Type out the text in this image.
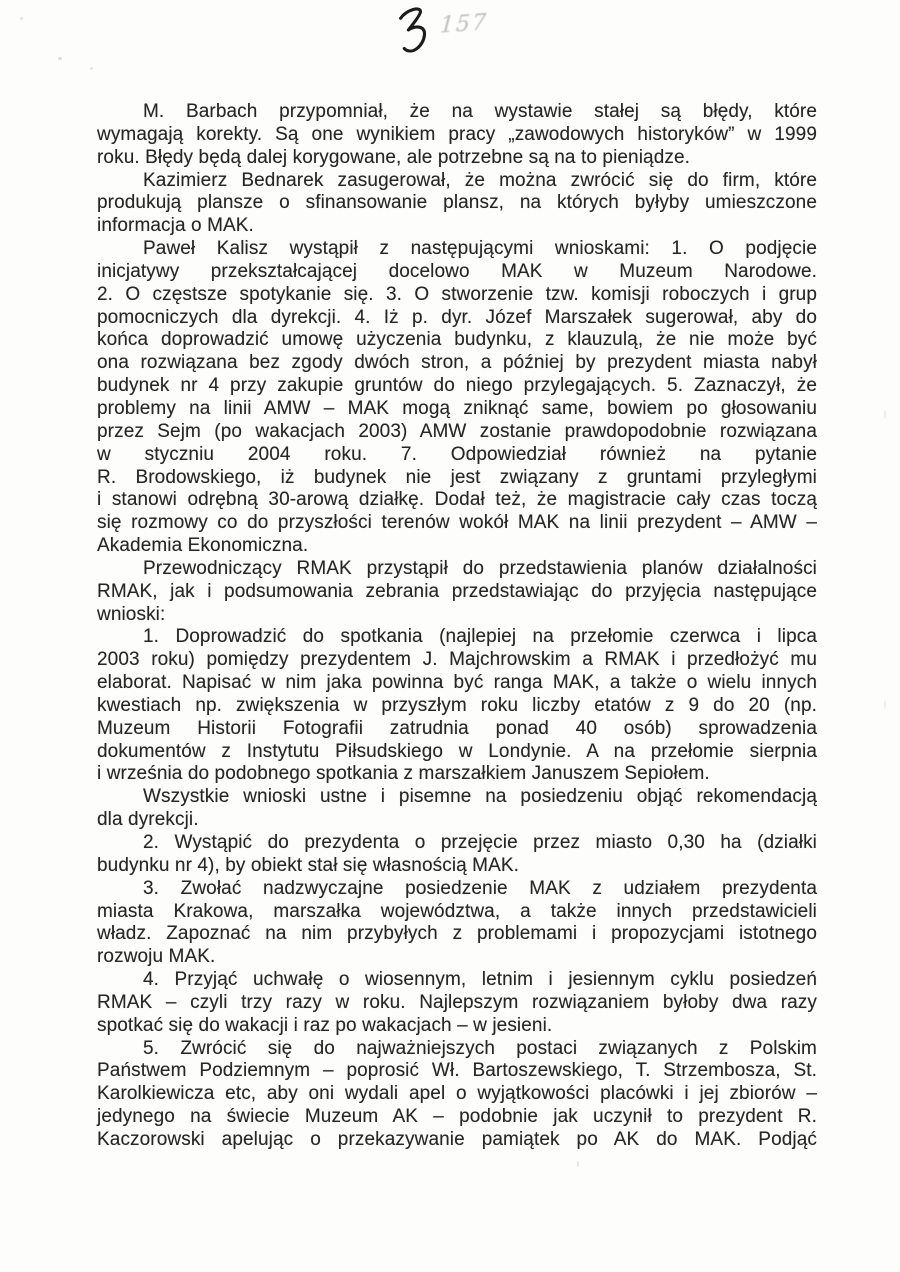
157
M. Barbach przypomniał, że na wystawie stałej są błędy, które
wymagają korekty. Są one wynikiem pracy „zawodowych historyków” w 1999
roku. Błędy będą dalej korygowane, ale potrzebne są na to pieniądze.
Kazimierz Bednarek zasugerował, że można zwrócić się do firm, które
produkują plansze o sfinansowanie plansz, na których byłyby umieszczone
informacja o MAK.
Paweł Kalisz wystąpił z następującymi wnioskami: 1. O podjęcie
inicjatywy przekształcającej docelowo MAK w Muzeum Narodowe.
2. O częstsze spotykanie się. 3. O stworzenie tzw. komisji roboczych i grup
pomocniczych dla dyrekcji. 4. Iż p. dyr. Józef Marszałek sugerował, aby do
końca doprowadzić umowę użyczenia budynku, z klauzulą, że nie może być
ona rozwiązana bez zgody dwóch stron, a później by prezydent miasta nabył
budynek nr 4 przy zakupie gruntów do niego przylegających. 5. Zaznaczył, że
problemy na linii AMW – MAK mogą zniknąć same, bowiem po głosowaniu
przez Sejm (po wakacjach 2003) AMW zostanie prawdopodobnie rozwiązana
w styczniu 2004 roku. 7. Odpowiedział również na pytanie
R. Brodowskiego, iż budynek nie jest związany z gruntami przyległymi
i stanowi odrębną 30-arową działkę. Dodał też, że magistracie cały czas toczą
się rozmowy co do przyszłości terenów wokół MAK na linii prezydent – AMW –
Akademia Ekonomiczna.
Przewodniczący RMAK przystąpił do przedstawienia planów działalności
RMAK, jak i podsumowania zebrania przedstawiając do przyjęcia następujące
wnioski:
1. Doprowadzić do spotkania (najlepiej na przełomie czerwca i lipca
2003 roku) pomiędzy prezydentem J. Majchrowskim a RMAK i przedłożyć mu
elaborat. Napisać w nim jaka powinna być ranga MAK, a także o wielu innych
kwestiach np. zwiększenia w przyszłym roku liczby etatów z 9 do 20 (np.
Muzeum Historii Fotografii zatrudnia ponad 40 osób) sprowadzenia
dokumentów z Instytutu Piłsudskiego w Londynie. A na przełomie sierpnia
i września do podobnego spotkania z marszałkiem Januszem Sepiołem.
Wszystkie wnioski ustne i pisemne na posiedzeniu objąć rekomendacją
dla dyrekcji.
2. Wystąpić do prezydenta o przejęcie przez miasto 0,30 ha (działki
budynku nr 4), by obiekt stał się własnością MAK.
3. Zwołać nadzwyczajne posiedzenie MAK z udziałem prezydenta
miasta Krakowa, marszałka województwa, a także innych przedstawicieli
władz. Zapoznać na nim przybyłych z problemami i propozycjami istotnego
rozwoju MAK.
4. Przyjąć uchwałę o wiosennym, letnim i jesiennym cyklu posiedzeń
RMAK – czyli trzy razy w roku. Najlepszym rozwiązaniem byłoby dwa razy
spotkać się do wakacji i raz po wakacjach – w jesieni.
5. Zwrócić się do najważniejszych postaci związanych z Polskim
Państwem Podziemnym – poprosić Wł. Bartoszewskiego, T. Strzembosza, St.
Karolkiewicza etc, aby oni wydali apel o wyjątkowości placówki i jej zbiorów –
jedynego na świecie Muzeum AK – podobnie jak uczynił to prezydent R.
Kaczorowski apelując o przekazywanie pamiątek po AK do MAK. Podjąć
